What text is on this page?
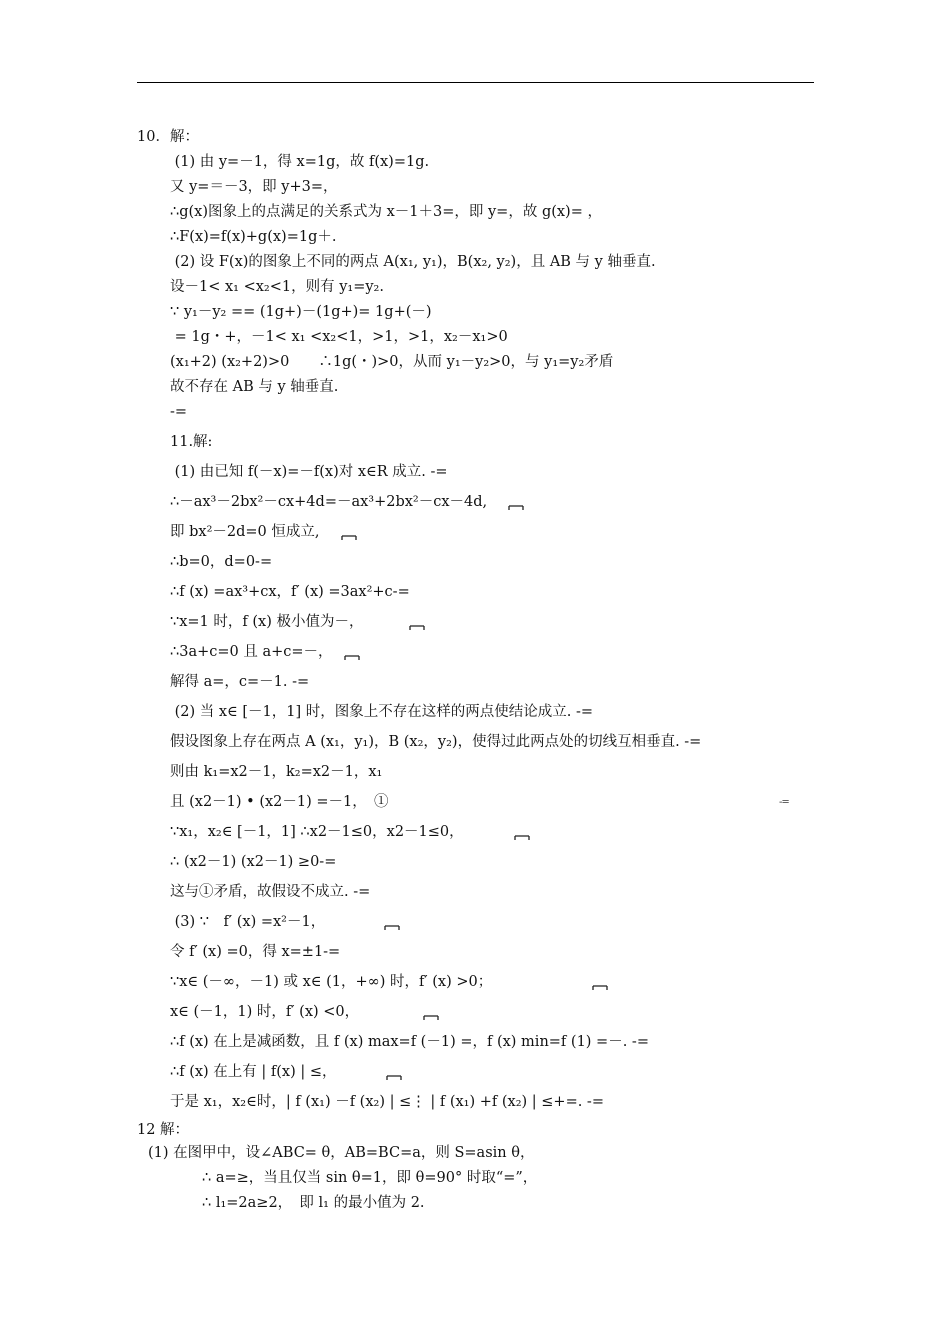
10．解：
(1) 由 y=－1，得 x=1g，故 f(x)=1g.
又 y=＝－3，即 y+3=，
∴g(x)图象上的点满足的关系式为 x－1＋3=，即 y=，故 g(x)= ，
∴F(x)=f(x)+g(x)=1g＋.
(2) 设 F(x)的图象上不同的两点 A(x₁, y₁)，B(x₂, y₂)，且 AB 与 y 轴垂直.
设－1< x₁ <x₂<1，则有 y₁=y₂.
∵ y₁－y₂ == (1g+)－(1g+)= 1g+(－)
= 1g・+，－1< x₁ <x₂<1，>1，>1，x₂－x₁>0
(x₁+2) (x₂+2)>0　　∴1g(・)>0，从而 y₁－y₂>0，与 y₁=y₂矛盾
故不存在 AB 与 y 轴垂直.
-=
11.解:
(1) 由已知 f(－x)=－f(x)对 x∈R 成立. -=
∴－ax³－2bx²－cx+4d=－ax³+2bx²－cx－4d,
即 bx²－2d=0 恒成立,
∴b=0，d=0-=
∴f (x) =ax³+cx，f′ (x) =3ax²+c-=
∵x=1 时，f (x) 极小值为－，
∴3a+c=0 且 a+c=－，
解得 a=，c=－1. -=
(2) 当 x∈ [－1，1] 时，图象上不存在这样的两点使结论成立. -=
假设图象上存在两点 A (x₁，y₁)，B (x₂，y₂)，使得过此两点处的切线互相垂直. -=
则由 k₁=x2－1，k₂=x2－1，x₁
且 (x2－1) • (x2－1) =－1，　①
∵x₁，x₂∈ [－1，1] ∴x2－1≤0，x2－1≤0，
∴ (x2－1) (x2－1) ≥0-=
这与①矛盾，故假设不成立. -=
(3) ∵　f′ (x) =x²－1，
令 f′ (x) =0，得 x=±1-=
∵x∈ (－∞，－1) 或 x∈ (1，+∞) 时，f′ (x) >0；
x∈ (－1，1) 时，f′ (x) <0，
∴f (x) 在上是减函数，且 f (x) max=f (－1) =，f (x) min=f (1) =－. -=
∴f (x) 在上有 | f(x) | ≤，
于是 x₁，x₂∈时，| f (x₁) －f (x₂) | ≤⋮ | f (x₁) +f (x₂) | ≤+=. -=
12 解：
(1) 在图甲中，设∠ABC= θ，AB=BC=a，则 S=asin θ，
∴ a=≥，当且仅当 sin θ=1，即 θ=90° 时取“=”，
∴ l₁=2a≥2，　即 l₁ 的最小值为 2.
-=
